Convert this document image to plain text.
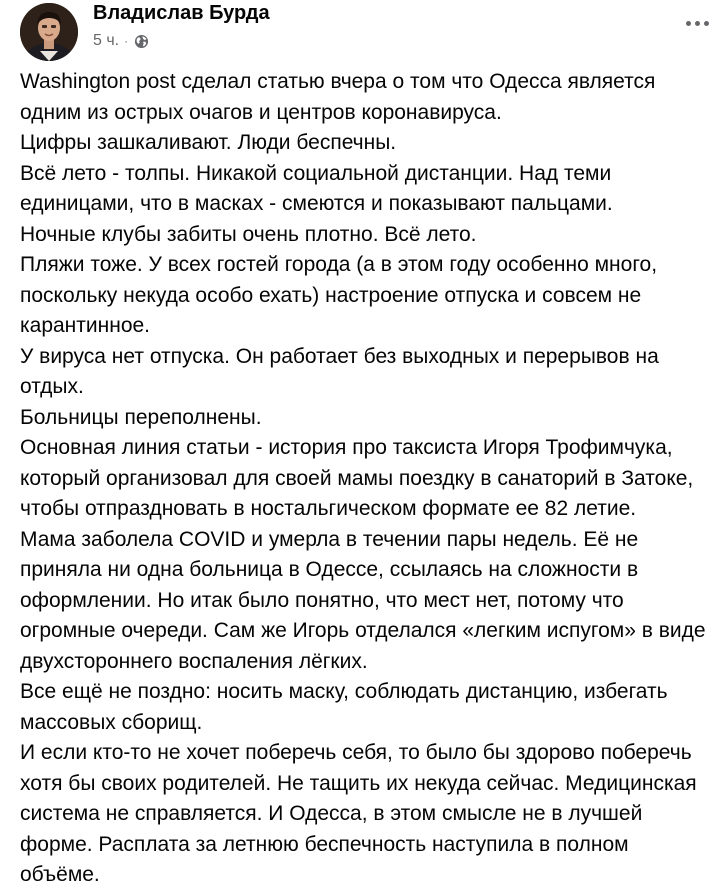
Владислав Бурда
5 ч. ·

Washington post сделал статью вчера о том что Одесса является одним из острых очагов и центров коронавируса.

Цифры зашкаливают. Люди беспечны.

Всё лето - толпы. Никакой социальной дистанции. Над теми единицами, что в масках - смеются и показывают пальцами.

Ночные клубы забиты очень плотно. Всё лето.

Пляжи тоже. У всех гостей города (а в этом году особенно много, поскольку некуда особо ехать) настроение отпуска и совсем не карантинное.

У вируса нет отпуска. Он работает без выходных и перерывов на отдых.

Больницы переполнены.

Основная линия статьи - история про таксиста Игоря Трофимчука, который организовал для своей мамы поездку в санаторий в Затоке, чтобы отпраздновать в ностальгическом формате ее 82 летие.

Мама заболела COVID и умерла в течении пары недель. Её не приняла ни одна больница в Одессе, ссылаясь на сложности в оформлении. Но итак было понятно, что мест нет, потому что огромные очереди. Сам же Игорь отделался «легким испугом» в виде двухстороннего воспаления лёгких.

Все ещё не поздно: носить маску, соблюдать дистанцию, избегать массовых сборищ.

И если кто-то не хочет поберечь себя, то было бы здорово поберечь хотя бы своих родителей. Не тащить их некуда сейчас. Медицинская система не справляется. И Одесса, в этом смысле не в лучшей форме. Расплата за летнюю беспечность наступила в полном объёме.
